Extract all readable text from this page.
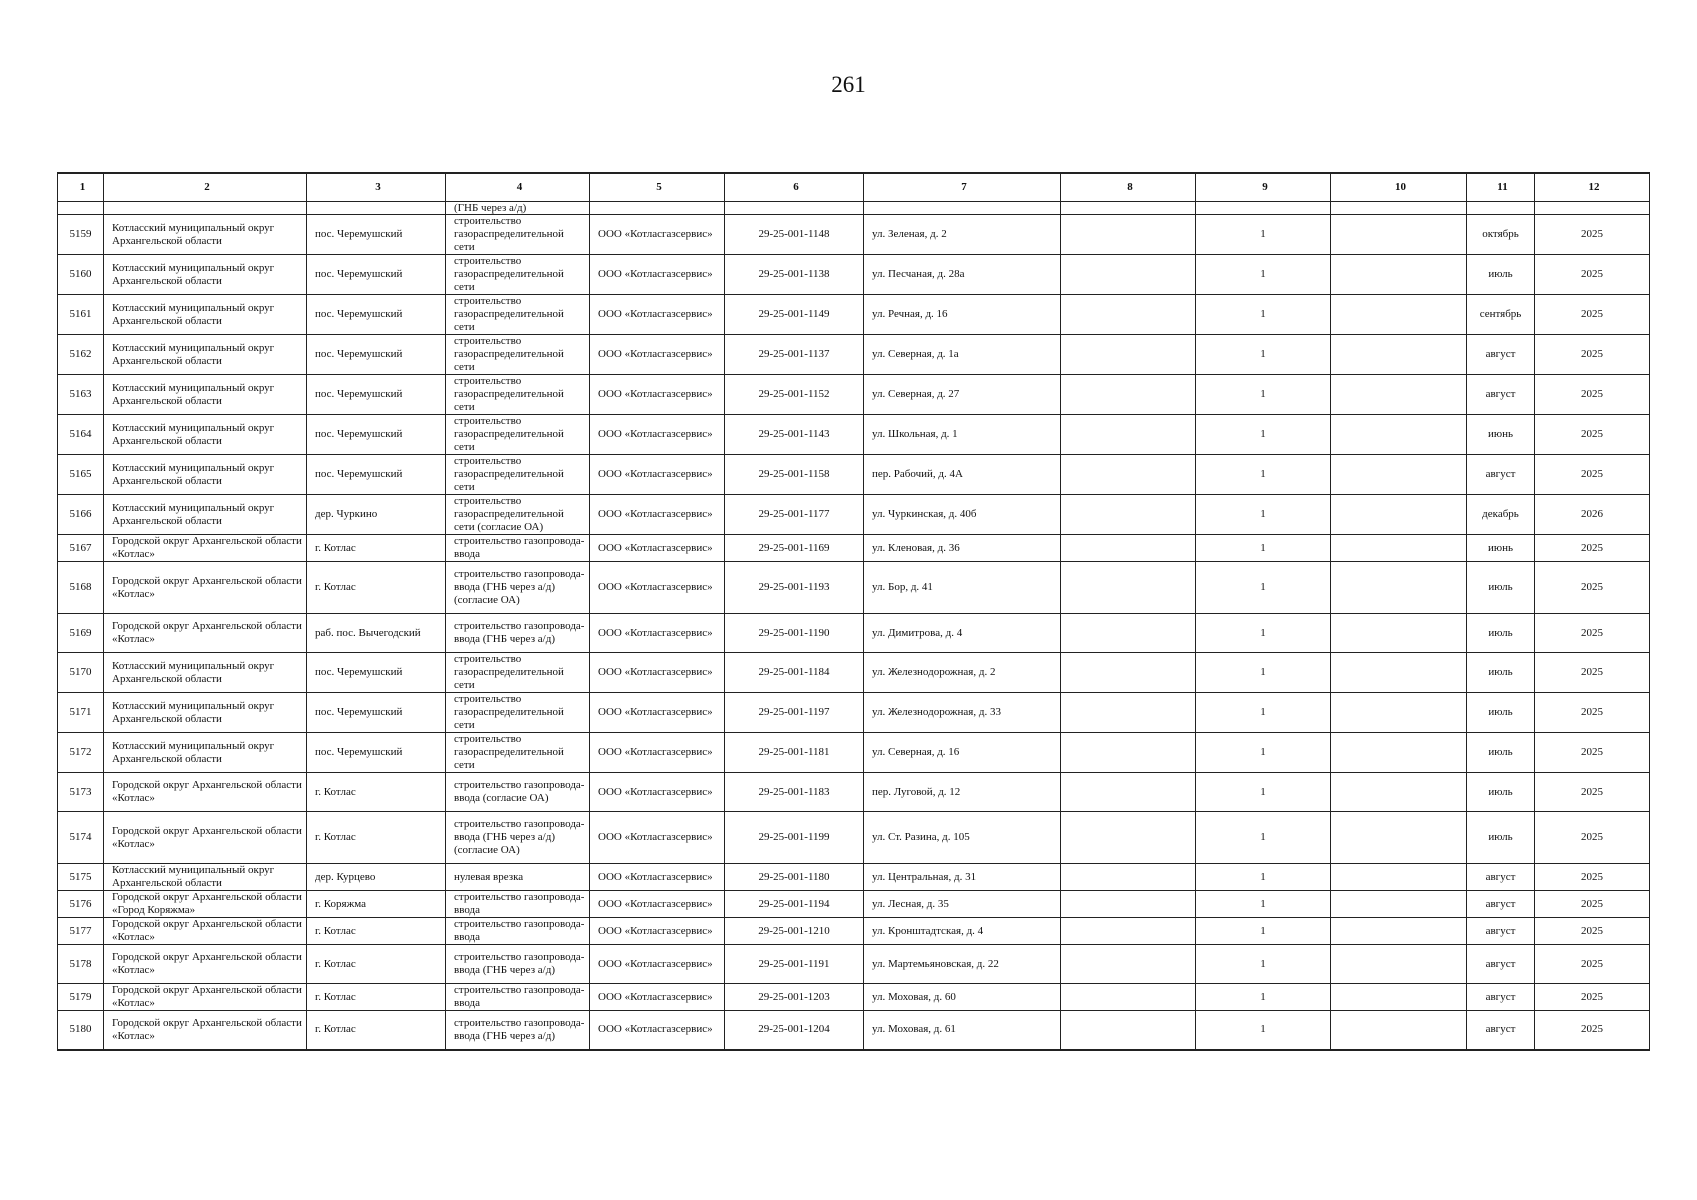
261
1	2	3	4	5	6	7	8	9	10	11	12
			(ГНБ через а/д)								
5159	Котласский муниципальный округ Архангельской области	пос. Черемушский	строительство газораспределительной сети	ООО «Котласгазсервис»	29-25-001-1148	ул. Зеленая, д. 2		1		октябрь	2025
5160	Котласский муниципальный округ Архангельской области	пос. Черемушский	строительство газораспределительной сети	ООО «Котласгазсервис»	29-25-001-1138	ул. Песчаная, д. 28а		1		июль	2025
5161	Котласский муниципальный округ Архангельской области	пос. Черемушский	строительство газораспределительной сети	ООО «Котласгазсервис»	29-25-001-1149	ул. Речная, д. 16		1		сентябрь	2025
5162	Котласский муниципальный округ Архангельской области	пос. Черемушский	строительство газораспределительной сети	ООО «Котласгазсервис»	29-25-001-1137	ул. Северная, д. 1а		1		август	2025
5163	Котласский муниципальный округ Архангельской области	пос. Черемушский	строительство газораспределительной сети	ООО «Котласгазсервис»	29-25-001-1152	ул. Северная, д. 27		1		август	2025
5164	Котласский муниципальный округ Архангельской области	пос. Черемушский	строительство газораспределительной сети	ООО «Котласгазсервис»	29-25-001-1143	ул. Школьная, д. 1		1		июнь	2025
5165	Котласский муниципальный округ Архангельской области	пос. Черемушский	строительство газораспределительной сети	ООО «Котласгазсервис»	29-25-001-1158	пер. Рабочий, д. 4А		1		август	2025
5166	Котласский муниципальный округ Архангельской области	дер. Чуркино	строительство газораспределительной сети (согласие ОА)	ООО «Котласгазсервис»	29-25-001-1177	ул. Чуркинская, д. 40б		1		декабрь	2026
5167	Городской округ Архангельской области «Котлас»	г. Котлас	строительство газопровода-ввода	ООО «Котласгазсервис»	29-25-001-1169	ул. Кленовая, д. 36		1		июнь	2025
5168	Городской округ Архангельской области «Котлас»	г. Котлас	строительство газопровода-ввода (ГНБ через а/д) (согласие ОА)	ООО «Котласгазсервис»	29-25-001-1193	ул. Бор, д. 41		1		июль	2025
5169	Городской округ Архангельской области «Котлас»	раб. пос. Вычегодский	строительство газопровода-ввода (ГНБ через а/д)	ООО «Котласгазсервис»	29-25-001-1190	ул. Димитрова, д. 4		1		июль	2025
5170	Котласский муниципальный округ Архангельской области	пос. Черемушский	строительство газораспределительной сети	ООО «Котласгазсервис»	29-25-001-1184	ул. Железнодорожная, д. 2		1		июль	2025
5171	Котласский муниципальный округ Архангельской области	пос. Черемушский	строительство газораспределительной сети	ООО «Котласгазсервис»	29-25-001-1197	ул. Железнодорожная, д. 33		1		июль	2025
5172	Котласский муниципальный округ Архангельской области	пос. Черемушский	строительство газораспределительной сети	ООО «Котласгазсервис»	29-25-001-1181	ул. Северная, д. 16		1		июль	2025
5173	Городской округ Архангельской области «Котлас»	г. Котлас	строительство газопровода-ввода (согласие ОА)	ООО «Котласгазсервис»	29-25-001-1183	пер. Луговой, д. 12		1		июль	2025
5174	Городской округ Архангельской области «Котлас»	г. Котлас	строительство газопровода-ввода (ГНБ через а/д) (согласие ОА)	ООО «Котласгазсервис»	29-25-001-1199	ул. Ст. Разина, д. 105		1		июль	2025
5175	Котласский муниципальный округ Архангельской области	дер. Курцево	нулевая врезка	ООО «Котласгазсервис»	29-25-001-1180	ул. Центральная, д. 31		1		август	2025
5176	Городской округ Архангельской области «Город Коряжма»	г. Коряжма	строительство газопровода-ввода	ООО «Котласгазсервис»	29-25-001-1194	ул. Лесная, д. 35		1		август	2025
5177	Городской округ Архангельской области «Котлас»	г. Котлас	строительство газопровода-ввода	ООО «Котласгазсервис»	29-25-001-1210	ул. Кронштадтская, д. 4		1		август	2025
5178	Городской округ Архангельской области «Котлас»	г. Котлас	строительство газопровода-ввода (ГНБ через а/д)	ООО «Котласгазсервис»	29-25-001-1191	ул. Мартемьяновская, д. 22		1		август	2025
5179	Городской округ Архангельской области «Котлас»	г. Котлас	строительство газопровода-ввода	ООО «Котласгазсервис»	29-25-001-1203	ул. Моховая, д. 60		1		август	2025
5180	Городской округ Архангельской области «Котлас»	г. Котлас	строительство газопровода-ввода (ГНБ через а/д)	ООО «Котласгазсервис»	29-25-001-1204	ул. Моховая, д. 61		1		август	2025
